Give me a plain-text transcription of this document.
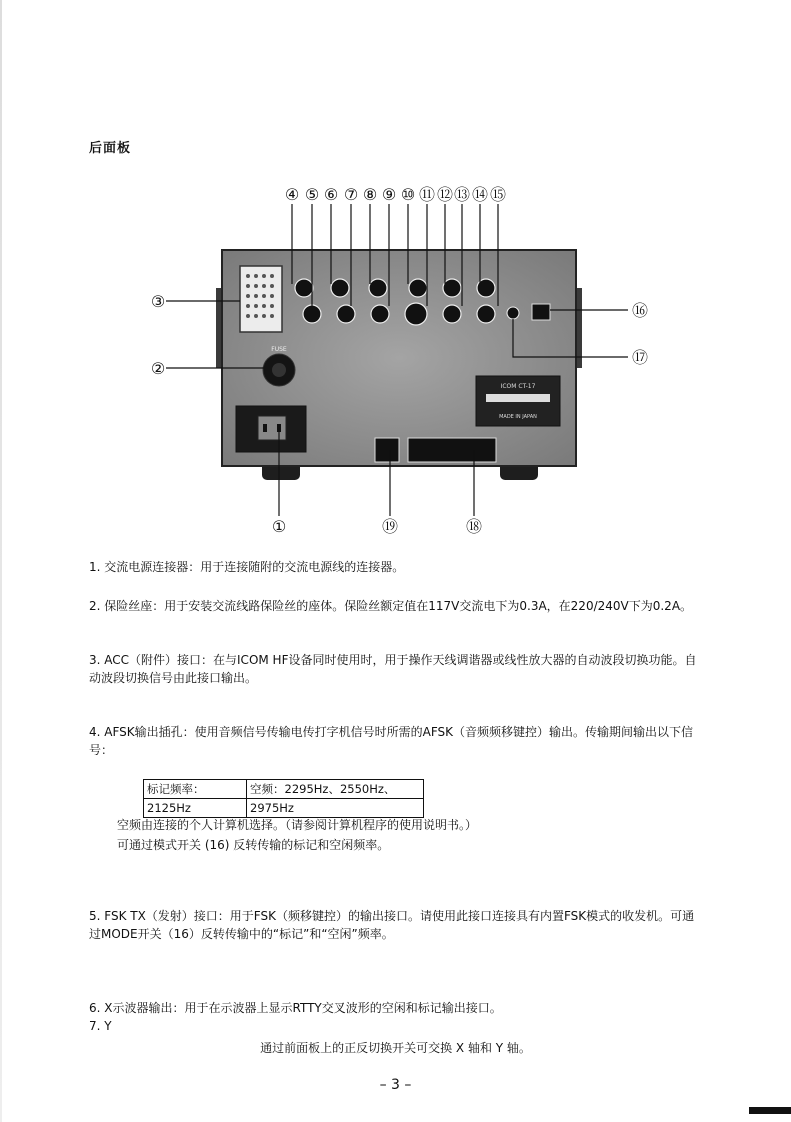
后面板
FUSE
ICOM CT-17
MADE IN JAPAN
④ ⑤ ⑥ ⑦ ⑧ ⑨ ⑩ ⑪ ⑫ ⑬ ⑭ ⑮
③
②
⑯
⑰
①	⑲	⑱
1. 交流电源连接器：用于连接随附的交流电源线的连接器。
2. 保险丝座：用于安装交流线路保险丝的座体。保险丝额定值在117V交流电下为0.3A，在220/240V下为0.2A。
3. ACC（附件）接口：在与ICOM HF设备同时使用时，用于操作天线调谐器或线性放大器的自动波段切换功能。自动波段切换信号由此接口输出。
4. AFSK输出插孔：使用音频信号传输电传打字机信号时所需的AFSK（音频频移键控）输出。传输期间输出以下信号：
标记频率：	空频：2295Hz、2550Hz、
2125Hz	2975Hz
空频由连接的个人计算机选择。（请参阅计算机程序的使用说明书。）
可通过模式开关 (16) 反转传输的标记和空闲频率。
5. FSK TX（发射）接口：用于FSK（频移键控）的输出接口。请使用此接口连接具有内置FSK模式的收发机。可通过MODE开关（16）反转传输中的“标记”和“空闲”频率。
6. X示波器输出：用于在示波器上显示RTTY交叉波形的空闲和标记输出接口。
7. Y
通过前面板上的正反切换开关可交换 X 轴和 Y 轴。
– 3 –
